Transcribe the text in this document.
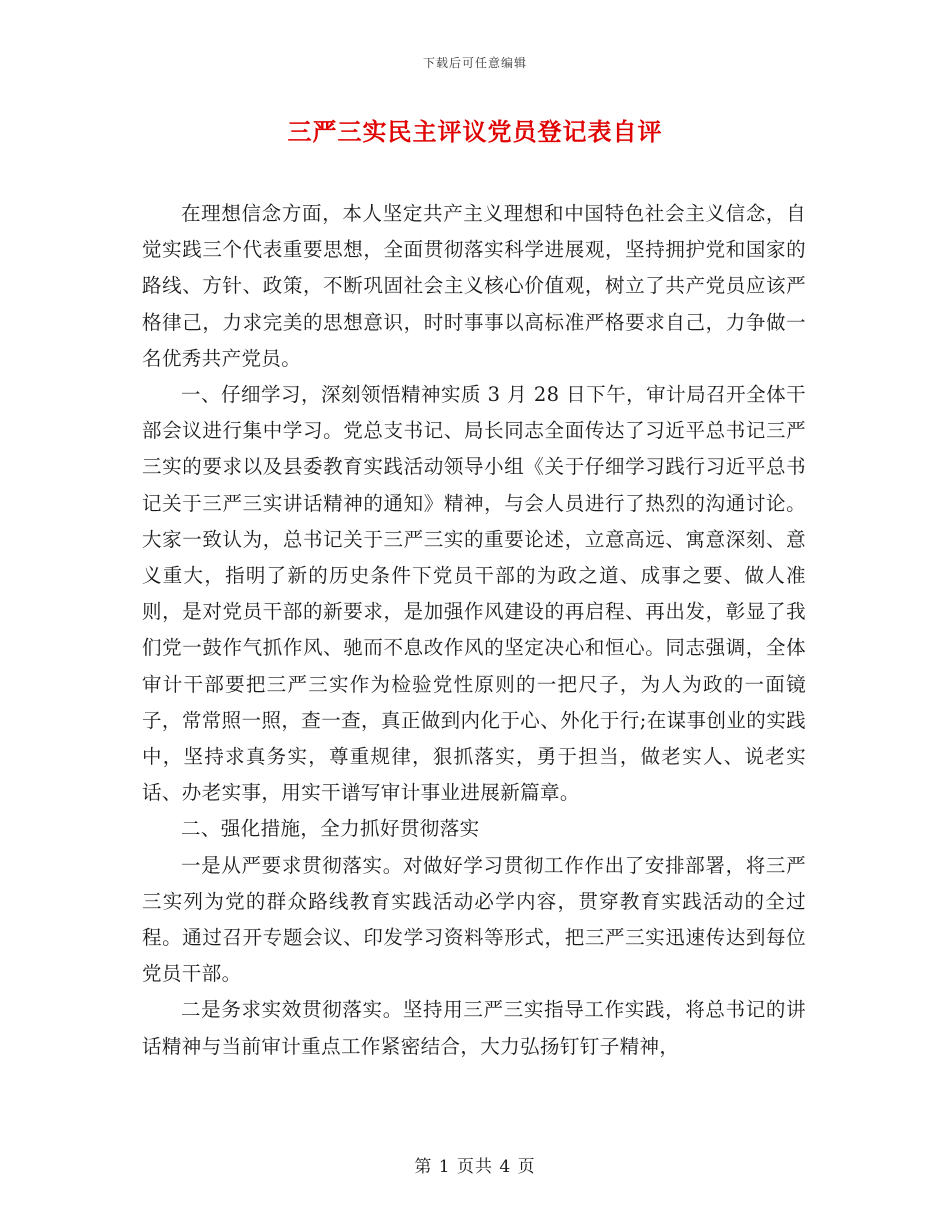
下载后可任意编辑
三严三实民主评议党员登记表自评

在理想信念方面，本人坚定共产主义理想和中国特色社会主义信念，自觉实践三个代表重要思想，全面贯彻落实科学进展观，坚持拥护党和国家的路线、方针、政策，不断巩固社会主义核心价值观，树立了共产党员应该严格律己，力求完美的思想意识，时时事事以高标准严格要求自己，力争做一名优秀共产党员。

一、仔细学习，深刻领悟精神实质 3 月 28 日下午，审计局召开全体干部会议进行集中学习。党总支书记、局长同志全面传达了习近平总书记三严三实的要求以及县委教育实践活动领导小组《关于仔细学习践行习近平总书记关于三严三实讲话精神的通知》精神，与会人员进行了热烈的沟通讨论。大家一致认为，总书记关于三严三实的重要论述，立意高远、寓意深刻、意义重大，指明了新的历史条件下党员干部的为政之道、成事之要、做人准则，是对党员干部的新要求，是加强作风建设的再启程、再出发，彰显了我们党一鼓作气抓作风、驰而不息改作风的坚定决心和恒心。同志强调，全体审计干部要把三严三实作为检验党性原则的一把尺子，为人为政的一面镜子，常常照一照，查一查，真正做到内化于心、外化于行;在谋事创业的实践中，坚持求真务实，尊重规律，狠抓落实，勇于担当，做老实人、说老实话、办老实事，用实干谱写审计事业进展新篇章。

二、强化措施，全力抓好贯彻落实

一是从严要求贯彻落实。对做好学习贯彻工作作出了安排部署，将三严三实列为党的群众路线教育实践活动必学内容，贯穿教育实践活动的全过程。通过召开专题会议、印发学习资料等形式，把三严三实迅速传达到每位党员干部。

二是务求实效贯彻落实。坚持用三严三实指导工作实践，将总书记的讲话精神与当前审计重点工作紧密结合，大力弘扬钉钉子精神，

第 1 页共 4 页
